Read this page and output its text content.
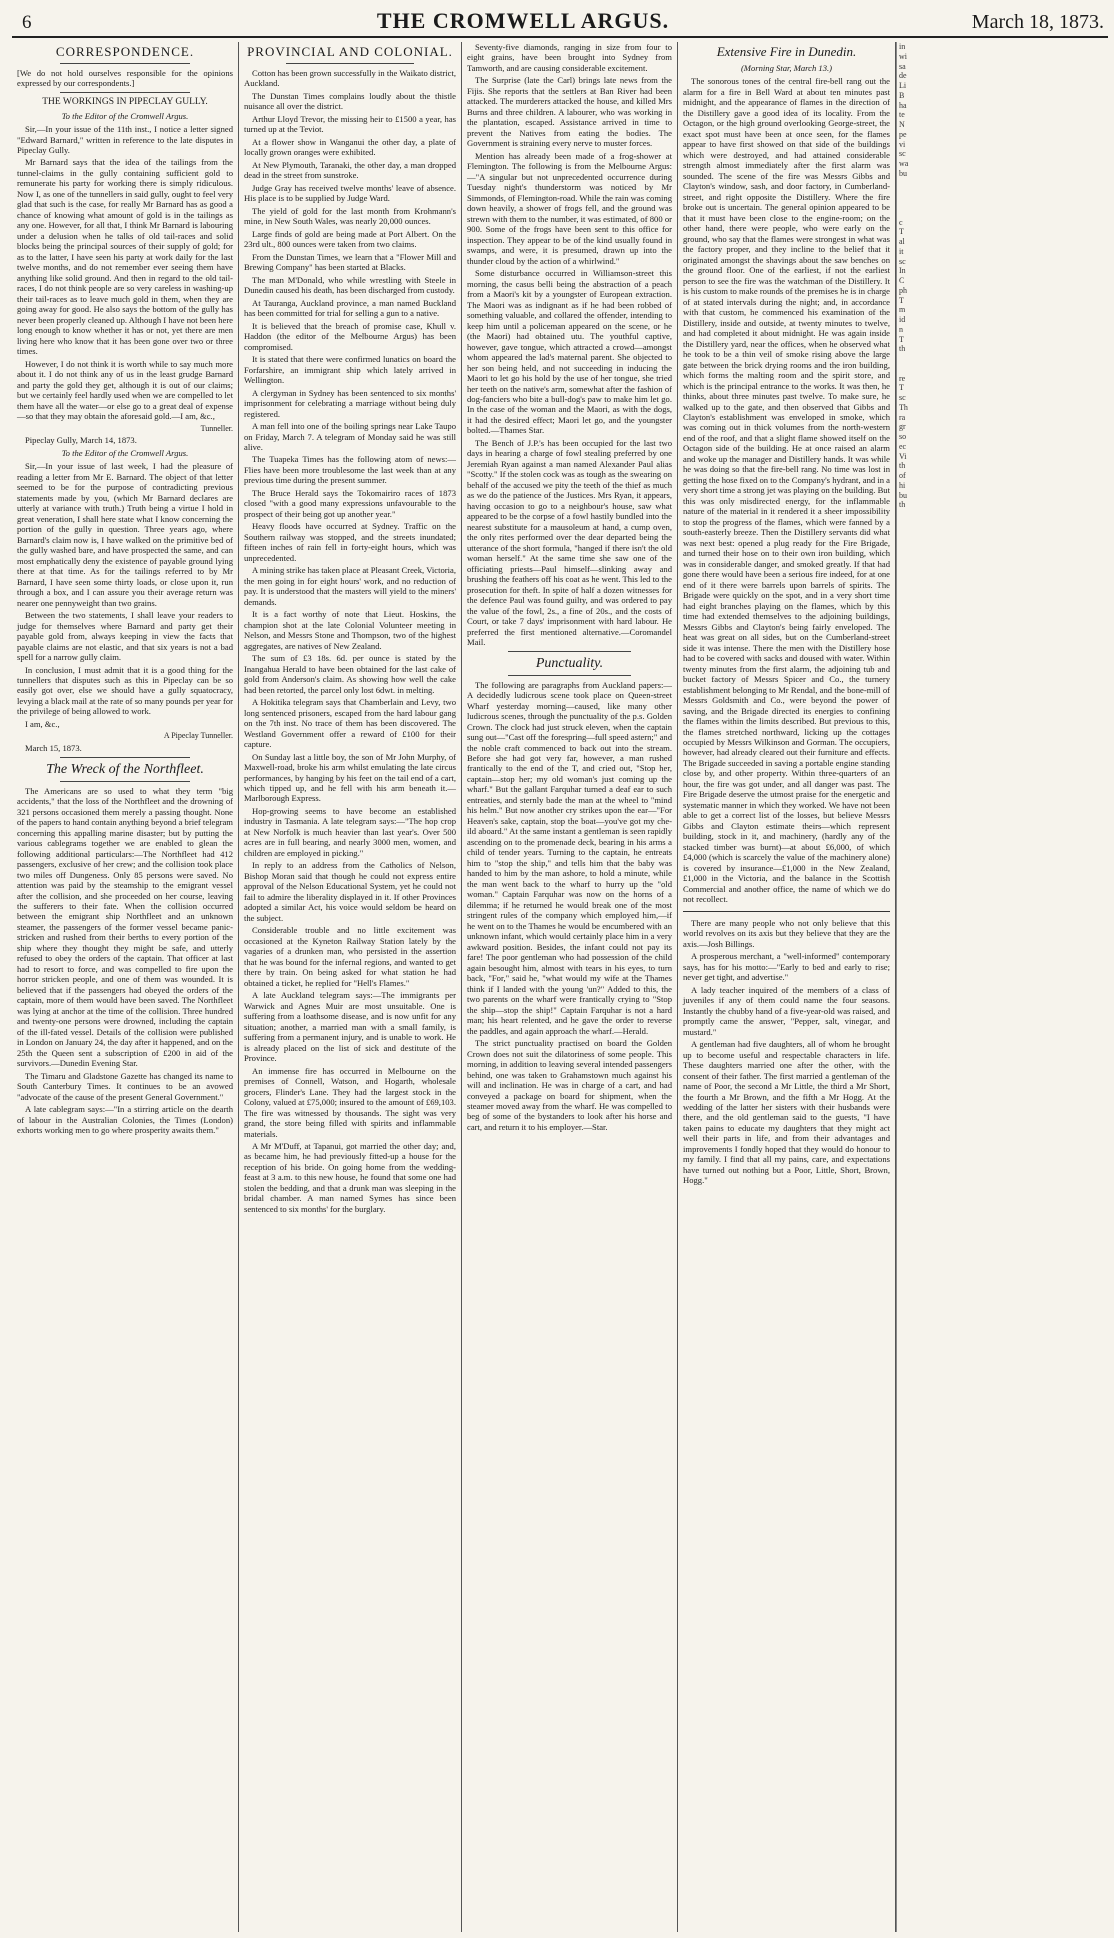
6	THE CROMWELL ARGUS.	March 18, 1873.
CORRESPONDENCE.

[We do not hold ourselves responsible for the opinions expressed by our correspondents.]

THE WORKINGS IN PIPECLAY GULLY.

To the Editor of the Cromwell Argus.

Sir,—In your issue of the 11th inst., I notice a letter signed "Edward Barnard," written in reference to the late disputes in Pipeclay Gully.

Mr Barnard says that the idea of the tailings from the tunnel-claims in the gully containing sufficient gold to remunerate his party for working there is simply ridiculous. Now I, as one of the tunnellers in said gully, ought to feel very glad that such is the case, for really Mr Barnard has as good a chance of knowing what amount of gold is in the tailings as any one. However, for all that, I think Mr Barnard is labouring under a delusion when he talks of old tail-races and solid blocks being the principal sources of their supply of gold; for as to the latter, I have seen his party at work daily for the last twelve months, and do not remember ever seeing them have anything like solid ground. And then in regard to the old tail-races, I do not think people are so very careless in washing-up their tail-races as to leave much gold in them, when they are going away for good. He also says the bottom of the gully has never been properly cleaned up. Although I have not been here long enough to know whether it has or not, yet there are men living here who know that it has been gone over two or three times.

However, I do not think it is worth while to say much more about it. I do not think any of us in the least grudge Barnard and party the gold they get, although it is out of our claims; but we certainly feel hardly used when we are compelled to let them have all the water—or else go to a great deal of expense—so that they may obtain the aforesaid gold.—I am, &c.,

Tunneller.

Pipeclay Gully, March 14, 1873.

To the Editor of the Cromwell Argus.

Sir,—In your issue of last week, I had the pleasure of reading a letter from Mr E. Barnard. The object of that letter seemed to be for the purpose of contradicting previous statements made by you, (which Mr Barnard declares are utterly at variance with truth.) Truth being a virtue I hold in great veneration, I shall here state what I know concerning the portion of the gully in question. Three years ago, where Barnard's claim now is, I have walked on the primitive bed of the gully washed bare, and have prospected the same, and can most emphatically deny the existence of payable ground lying there at that time. As for the tailings referred to by Mr Barnard, I have seen some thirty loads, or close upon it, run through a box, and I can assure you their average return was nearer one pennyweight than two grains.

Between the two statements, I shall leave your readers to judge for themselves where Barnard and party get their payable gold from, always keeping in view the facts that payable claims are not elastic, and that six years is not a bad spell for a narrow gully claim.

In conclusion, I must admit that it is a good thing for the tunnellers that disputes such as this in Pipeclay can be so easily got over, else we should have a gully squatocracy, levying a black mail at the rate of so many pounds per year for the privilege of being allowed to work.

I am, &c.,

A Pipeclay Tunneller.

March 15, 1873.

The Wreck of the Northfleet.

The Americans are so used to what they term "big accidents," that the loss of the Northfleet and the drowning of 321 persons occasioned them merely a passing thought. None of the papers to hand contain anything beyond a brief telegram concerning this appalling marine disaster; but by putting the various cablegrams together we are enabled to glean the following additional particulars:—The Northfleet had 412 passengers, exclusive of her crew; and the collision took place two miles off Dungeness. Only 85 persons were saved. No attention was paid by the steamship to the emigrant vessel after the collision, and she proceeded on her course, leaving the sufferers to their fate. When the collision occurred between the emigrant ship Northfleet and an unknown steamer, the passengers of the former vessel became panic-stricken and rushed from their berths to every portion of the ship where they thought they might be safe, and utterly refused to obey the orders of the captain. That officer at last had to resort to force, and was compelled to fire upon the horror stricken people, and one of them was wounded. It is believed that if the passengers had obeyed the orders of the captain, more of them would have been saved. The Northfleet was lying at anchor at the time of the collision. Three hundred and twenty-one persons were drowned, including the captain of the ill-fated vessel. Details of the collision were published in London on January 24, the day after it happened, and on the 25th the Queen sent a subscription of £200 in aid of the survivors.—Dunedin Evening Star.

The Timaru and Gladstone Gazette has changed its name to South Canterbury Times. It continues to be an avowed "advocate of the cause of the present General Government."

A late cablegram says:—"In a stirring article on the dearth of labour in the Australian Colonies, the Times (London) exhorts working men to go where prosperity awaits them."

PROVINCIAL AND COLONIAL.

Cotton has been grown successfully in the Waikato district, Auckland.

The Dunstan Times complains loudly about the thistle nuisance all over the district.

Arthur Lloyd Trevor, the missing heir to £1500 a year, has turned up at the Teviot.

At a flower show in Wanganui the other day, a plate of locally grown oranges were exhibited.

At New Plymouth, Taranaki, the other day, a man dropped dead in the street from sunstroke.

Judge Gray has received twelve months' leave of absence. His place is to be supplied by Judge Ward.

The yield of gold for the last month from Krohmann's mine, in New South Wales, was nearly 20,000 ounces.

Large finds of gold are being made at Port Albert. On the 23rd ult., 800 ounces were taken from two claims.

From the Dunstan Times, we learn that a "Flower Mill and Brewing Company" has been started at Blacks.

The man M'Donald, who while wrestling with Steele in Dunedin caused his death, has been discharged from custody.

At Tauranga, Auckland province, a man named Buckland has been committed for trial for selling a gun to a native.

It is believed that the breach of promise case, Khull v. Haddon (the editor of the Melbourne Argus) has been compromised.

It is stated that there were confirmed lunatics on board the Forfarshire, an immigrant ship which lately arrived in Wellington.

A clergyman in Sydney has been sentenced to six months' imprisonment for celebrating a marriage without being duly registered.

A man fell into one of the boiling springs near Lake Taupo on Friday, March 7. A telegram of Monday said he was still alive.

The Tuapeka Times has the following atom of news:—Flies have been more troublesome the last week than at any previous time during the present summer.

The Bruce Herald says the Tokomairiro races of 1873 closed "with a good many expressions unfavourable to the prospect of their being got up another year."

Heavy floods have occurred at Sydney. Traffic on the Southern railway was stopped, and the streets inundated; fifteen inches of rain fell in forty-eight hours, which was unprecedented.

A mining strike has taken place at Pleasant Creek, Victoria, the men going in for eight hours' work, and no reduction of pay. It is understood that the masters will yield to the miners' demands.

It is a fact worthy of note that Lieut. Hoskins, the champion shot at the late Colonial Volunteer meeting in Nelson, and Messrs Stone and Thompson, two of the highest aggregates, are natives of New Zealand.

The sum of £3 18s. 6d. per ounce is stated by the Inangahua Herald to have been obtained for the last cake of gold from Anderson's claim. As showing how well the cake had been retorted, the parcel only lost 6dwt. in melting.

A Hokitika telegram says that Chamberlain and Levy, two long sentenced prisoners, escaped from the hard labour gang on the 7th inst. No trace of them has been discovered. The Westland Government offer a reward of £100 for their capture.

On Sunday last a little boy, the son of Mr John Murphy, of Maxwell-road, broke his arm whilst emulating the late circus performances, by hanging by his feet on the tail end of a cart, which tipped up, and he fell with his arm beneath it.—Marlborough Express.

Hop-growing seems to have become an established industry in Tasmania. A late telegram says:—"The hop crop at New Norfolk is much heavier than last year's. Over 500 acres are in full bearing, and nearly 3000 men, women, and children are employed in picking."

In reply to an address from the Catholics of Nelson, Bishop Moran said that though he could not express entire approval of the Nelson Educational System, yet he could not fail to admire the liberality displayed in it. If other Provinces adopted a similar Act, his voice would seldom be heard on the subject.

Considerable trouble and no little excitement was occasioned at the Kyneton Railway Station lately by the vagaries of a drunken man, who persisted in the assertion that he was bound for the infernal regions, and wanted to get there by train. On being asked for what station he had obtained a ticket, he replied for "Hell's Flames."

A late Auckland telegram says:—The immigrants per Warwick and Agnes Muir are most unsuitable. One is suffering from a loathsome disease, and is now unfit for any situation; another, a married man with a small family, is suffering from a permanent injury, and is unable to work. He is already placed on the list of sick and destitute of the Province.

An immense fire has occurred in Melbourne on the premises of Connell, Watson, and Hogarth, wholesale grocers, Flinder's Lane. They had the largest stock in the Colony, valued at £75,000; insured to the amount of £69,103. The fire was witnessed by thousands. The sight was very grand, the store being filled with spirits and inflammable materials.

A Mr M'Duff, at Tapanui, got married the other day; and, as became him, he had previously fitted-up a house for the reception of his bride. On going home from the wedding-feast at 3 a.m. to this new house, he found that some one had stolen the bedding, and that a drunk man was sleeping in the bridal chamber. A man named Symes has since been sentenced to six months' for the burglary.

Seventy-five diamonds, ranging in size from four to eight grains, have been brought into Sydney from Tamworth, and are causing considerable excitement.

The Surprise (late the Carl) brings late news from the Fijis. She reports that the settlers at Ban River had been attacked. The murderers attacked the house, and killed Mrs Burns and three children. A labourer, who was working in the plantation, escaped. Assistance arrived in time to prevent the Natives from eating the bodies. The Government is straining every nerve to muster forces.

Mention has already been made of a frog-shower at Flemington. The following is from the Melbourne Argus:—"A singular but not unprecedented occurrence during Tuesday night's thunderstorm was noticed by Mr Simmonds, of Flemington-road. While the rain was coming down heavily, a shower of frogs fell, and the ground was strewn with them to the number, it was estimated, of 800 or 900. Some of the frogs have been sent to this office for inspection. They appear to be of the kind usually found in swamps, and were, it is presumed, drawn up into the thunder cloud by the action of a whirlwind."

Some disturbance occurred in Williamson-street this morning, the casus belli being the abstraction of a peach from a Maori's kit by a youngster of European extraction. The Maori was as indignant as if he had been robbed of something valuable, and collared the offender, intending to keep him until a policeman appeared on the scene, or he (the Maori) had obtained utu. The youthful captive, however, gave tongue, which attracted a crowd—amongst whom appeared the lad's maternal parent. She objected to her son being held, and not succeeding in inducing the Maori to let go his hold by the use of her tongue, she tried her teeth on the native's arm, somewhat after the fashion of dog-fanciers who bite a bull-dog's paw to make him let go. In the case of the woman and the Maori, as with the dogs, it had the desired effect; Maori let go, and the youngster bolted.—Thames Star.

The Bench of J.P.'s has been occupied for the last two days in hearing a charge of fowl stealing preferred by one Jeremiah Ryan against a man named Alexander Paul alias "Scotty." If the stolen cock was as tough as the swearing on behalf of the accused we pity the teeth of the thief as much as we do the patience of the Justices. Mrs Ryan, it appears, having occasion to go to a neighbour's house, saw what appeared to be the corpse of a fowl hastily bundled into the nearest substitute for a mausoleum at hand, a cump oven, the only rites performed over the dear departed being the utterance of the short formula, "hanged if there isn't the old woman herself." At the same time she saw one of the officiating priests—Paul himself—slinking away and brushing the feathers off his coat as he went. This led to the prosecution for theft. In spite of half a dozen witnesses for the defence Paul was found guilty, and was ordered to pay the value of the fowl, 2s., a fine of 20s., and the costs of Court, or take 7 days' imprisonment with hard labour. He preferred the first mentioned alternative.—Coromandel Mail.

Punctuality.

The following are paragraphs from Auckland papers:—A decidedly ludicrous scene took place on Queen-street Wharf yesterday morning—caused, like many other ludicrous scenes, through the punctuality of the p.s. Golden Crown. The clock had just struck eleven, when the captain sung out—"Cast off the forespring—full speed astern;" and the noble craft commenced to back out into the stream. Before she had got very far, however, a man rushed frantically to the end of the T, and cried out, "Stop her, captain—stop her; my old woman's just coming up the wharf." But the gallant Farquhar turned a deaf ear to such entreaties, and sternly bade the man at the wheel to "mind his helm." But now another cry strikes upon the ear—"For Heaven's sake, captain, stop the boat—you've got my che-ild aboard." At the same instant a gentleman is seen rapidly ascending on to the promenade deck, bearing in his arms a child of tender years. Turning to the captain, he entreats him to "stop the ship," and tells him that the baby was handed to him by the man ashore, to hold a minute, while the man went back to the wharf to hurry up the "old woman." Captain Farquhar was now on the horns of a dilemma; if he returned he would break one of the most stringent rules of the company which employed him,—if he went on to the Thames he would be encumbered with an unknown infant, which would certainly place him in a very awkward position. Besides, the infant could not pay its fare! The poor gentleman who had possession of the child again besought him, almost with tears in his eyes, to turn back, "For," said he, "what would my wife at the Thames think if I landed with the young 'un?" Added to this, the two parents on the wharf were frantically crying to "Stop the ship—stop the ship!" Captain Farquhar is not a hard man; his heart relented, and he gave the order to reverse the paddles, and again approach the wharf.—Herald.

The strict punctuality practised on board the Golden Crown does not suit the dilatoriness of some people. This morning, in addition to leaving several intended passengers behind, one was taken to Grahamstown much against his will and inclination. He was in charge of a cart, and had conveyed a package on board for shipment, when the steamer moved away from the wharf. He was compelled to beg of some of the bystanders to look after his horse and cart, and return it to his employer.—Star.

Extensive Fire in Dunedin.

(Morning Star, March 13.)

The sonorous tones of the central fire-bell rang out the alarm for a fire in Bell Ward at about ten minutes past midnight, and the appearance of flames in the direction of the Distillery gave a good idea of its locality. From the Octagon, or the high ground overlooking George-street, the exact spot must have been at once seen, for the flames appear to have first showed on that side of the buildings which were destroyed, and had attained considerable strength almost immediately after the first alarm was sounded. The scene of the fire was Messrs Gibbs and Clayton's window, sash, and door factory, in Cumberland-street, and right opposite the Distillery. Where the fire broke out is uncertain. The general opinion appeared to be that it must have been close to the engine-room; on the other hand, there were people, who were early on the ground, who say that the flames were strongest in what was the factory proper, and they incline to the belief that it originated amongst the shavings about the saw benches on the ground floor. One of the earliest, if not the earliest person to see the fire was the watchman of the Distillery. It is his custom to make rounds of the premises he is in charge of at stated intervals during the night; and, in accordance with that custom, he commenced his examination of the Distillery, inside and outside, at twenty minutes to twelve, and had completed it about midnight. He was again inside the Distillery yard, near the offices, when he observed what he took to be a thin veil of smoke rising above the large gate between the brick drying rooms and the iron building, which forms the malting room and the spirit store, and which is the principal entrance to the works. It was then, he thinks, about three minutes past twelve. To make sure, he walked up to the gate, and then observed that Gibbs and Clayton's establishment was enveloped in smoke, which was coming out in thick volumes from the north-western end of the roof, and that a slight flame showed itself on the Octagon side of the building. He at once raised an alarm and woke up the manager and Distillery hands. It was while he was doing so that the fire-bell rang. No time was lost in getting the hose fixed on to the Company's hydrant, and in a very short time a strong jet was playing on the building. But this was only misdirected energy, for the inflammable nature of the material in it rendered it a sheer impossibility to stop the progress of the flames, which were fanned by a south-easterly breeze. Then the Distillery servants did what was next best: opened a plug ready for the Fire Brigade, and turned their hose on to their own iron building, which was in considerable danger, and smoked greatly. If that had gone there would have been a serious fire indeed, for at one end of it there were barrels upon barrels of spirits. The Brigade were quickly on the spot, and in a very short time had eight branches playing on the flames, which by this time had extended themselves to the adjoining buildings, Messrs Gibbs and Clayton's being fairly enveloped. The heat was great on all sides, but on the Cumberland-street side it was intense. There the men with the Distillery hose had to be covered with sacks and doused with water. Within twenty minutes from the first alarm, the adjoining tub and bucket factory of Messrs Spicer and Co., the turnery establishment belonging to Mr Rendal, and the bone-mill of Messrs Goldsmith and Co., were beyond the power of saving, and the Brigade directed its energies to confining the flames within the limits described. But previous to this, the flames stretched northward, licking up the cottages occupied by Messrs Wilkinson and Gorman. The occupiers, however, had already cleared out their furniture and effects. The Brigade succeeded in saving a portable engine standing close by, and other property. Within three-quarters of an hour, the fire was got under, and all danger was past. The Fire Brigade deserve the utmost praise for the energetic and systematic manner in which they worked. We have not been able to get a correct list of the losses, but believe Messrs Gibbs and Clayton estimate theirs—which represent building, stock in it, and machinery, (hardly any of the stacked timber was burnt)—at about £6,000, of which £4,000 (which is scarcely the value of the machinery alone) is covered by insurance—£1,000 in the New Zealand, £1,000 in the Victoria, and the balance in the Scottish Commercial and another office, the name of which we do not recollect.

There are many people who not only believe that this world revolves on its axis but they believe that they are the axis.—Josh Billings.

A prosperous merchant, a "well-informed" contemporary says, has for his motto:—"Early to bed and early to rise; never get tight, and advertise."

A lady teacher inquired of the members of a class of juveniles if any of them could name the four seasons. Instantly the chubby hand of a five-year-old was raised, and promptly came the answer, "Pepper, salt, vinegar, and mustard."

A gentleman had five daughters, all of whom he brought up to become useful and respectable characters in life. These daughters married one after the other, with the consent of their father. The first married a gentleman of the name of Poor, the second a Mr Little, the third a Mr Short, the fourth a Mr Brown, and the fifth a Mr Hogg. At the wedding of the latter her sisters with their husbands were there, and the old gentleman said to the guests, "I have taken pains to educate my daughters that they might act well their parts in life, and from their advantages and improvements I fondly hoped that they would do honour to my family. I find that all my pains, care, and expectations have turned out nothing but a Poor, Little, Short, Brown, Hogg."

in
wi
sa
de
Li
B
ha
te
N
pe
vi
sc
wa
bu

c
T
al
it
sc
In
C
ph
T
m
id
n
T
th

re
T
sc
Th
ra
gr
so
ec
Vi
th
of
hi
bu
th
